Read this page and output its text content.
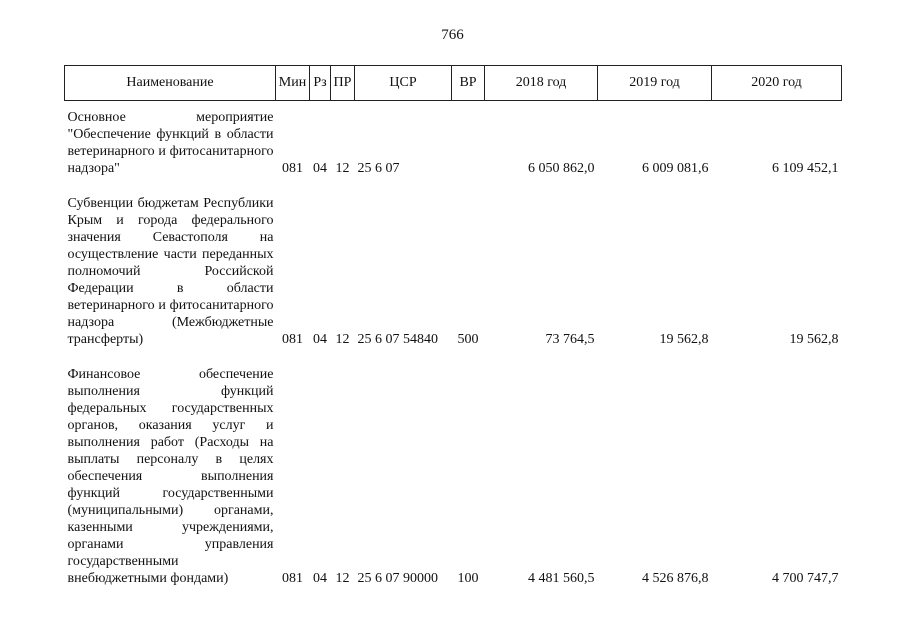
766
Наименование	Мин	Рз	ПР	ЦСР	ВР	2018 год	2019 год	2020 год
Основное мероприятие "Обеспечение функций в области ветеринарного и фитосанитарного надзора"	081	04	12	25 6 07		6 050 862,0	6 009 081,6	6 109 452,1
Субвенции бюджетам Республики Крым и города федерального значения Севастополя на осуществление части переданных полномочий Российской Федерации в области ветеринарного и фитосанитарного надзора (Межбюджетные трансферты)	081	04	12	25 6 07 54840	500	73 764,5	19 562,8	19 562,8
Финансовое обеспечение выполнения функций федеральных государственных органов, оказания услуг и выполнения работ (Расходы на выплаты персоналу в целях обеспечения выполнения функций государственными (муниципальными) органами, казенными учреждениями, органами управления государственными внебюджетными фондами)	081	04	12	25 6 07 90000	100	4 481 560,5	4 526 876,8	4 700 747,7
